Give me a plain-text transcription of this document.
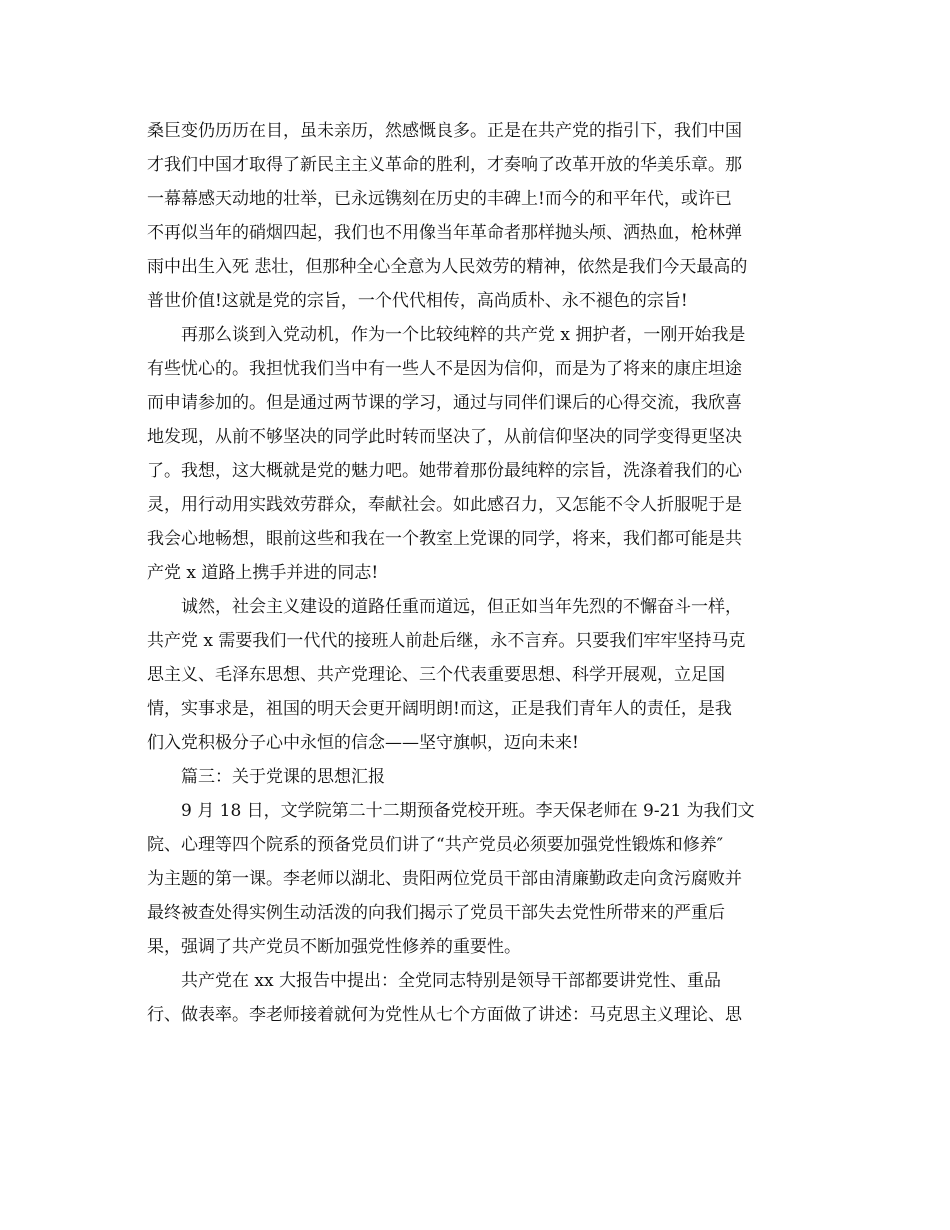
桑巨变仍历历在目，虽未亲历，然感慨良多。正是在共产党的指引下，我们中国

才我们中国才取得了新民主主义革命的胜利，才奏响了改革开放的华美乐章。那

一幕幕感天动地的壮举，已永远镌刻在历史的丰碑上!而今的和平年代，或许已

不再似当年的硝烟四起，我们也不用像当年革命者那样抛头颅、洒热血，枪林弹

雨中出生入死 悲壮，但那种全心全意为人民效劳的精神，依然是我们今天最高的

普世价值!这就是党的宗旨，一个代代相传，高尚质朴、永不褪色的宗旨!

再那么谈到入党动机，作为一个比较纯粹的共产党 x 拥护者，一刚开始我是

有些忧心的。我担忧我们当中有一些人不是因为信仰，而是为了将来的康庄坦途

而申请参加的。但是通过两节课的学习，通过与同伴们课后的心得交流，我欣喜

地发现，从前不够坚决的同学此时转而坚决了，从前信仰坚决的同学变得更坚决

了。我想，这大概就是党的魅力吧。她带着那份最纯粹的宗旨，洗涤着我们的心

灵，用行动用实践效劳群众，奉献社会。如此感召力，又怎能不令人折服呢于是

我会心地畅想，眼前这些和我在一个教室上党课的同学，将来，我们都可能是共

产党 x 道路上携手并进的同志!

诚然，社会主义建设的道路任重而道远，但正如当年先烈的不懈奋斗一样，

共产党 x 需要我们一代代的接班人前赴后继，永不言弃。只要我们牢牢坚持马克

思主义、毛泽东思想、共产党理论、三个代表重要思想、科学开展观，立足国

情，实事求是，祖国的明天会更开阔明朗!而这，正是我们青年人的责任，是我

们入党积极分子心中永恒的信念——坚守旗帜，迈向未来!

篇三：关于党课的思想汇报

9 月 18 日，文学院第二十二期预备党校开班。李天保老师在 9-21 为我们文

院、心理等四个院系的预备党员们讲了“共产党员必须要加强党性锻炼和修养″

为主题的第一课。李老师以湖北、贵阳两位党员干部由清廉勤政走向贪污腐败并

最终被查处得实例生动活泼的向我们揭示了党员干部失去党性所带来的严重后

果，强调了共产党员不断加强党性修养的重要性。

共产党在 xx 大报告中提出：全党同志特别是领导干部都要讲党性、重品

行、做表率。李老师接着就何为党性从七个方面做了讲述：马克思主义理论、思
